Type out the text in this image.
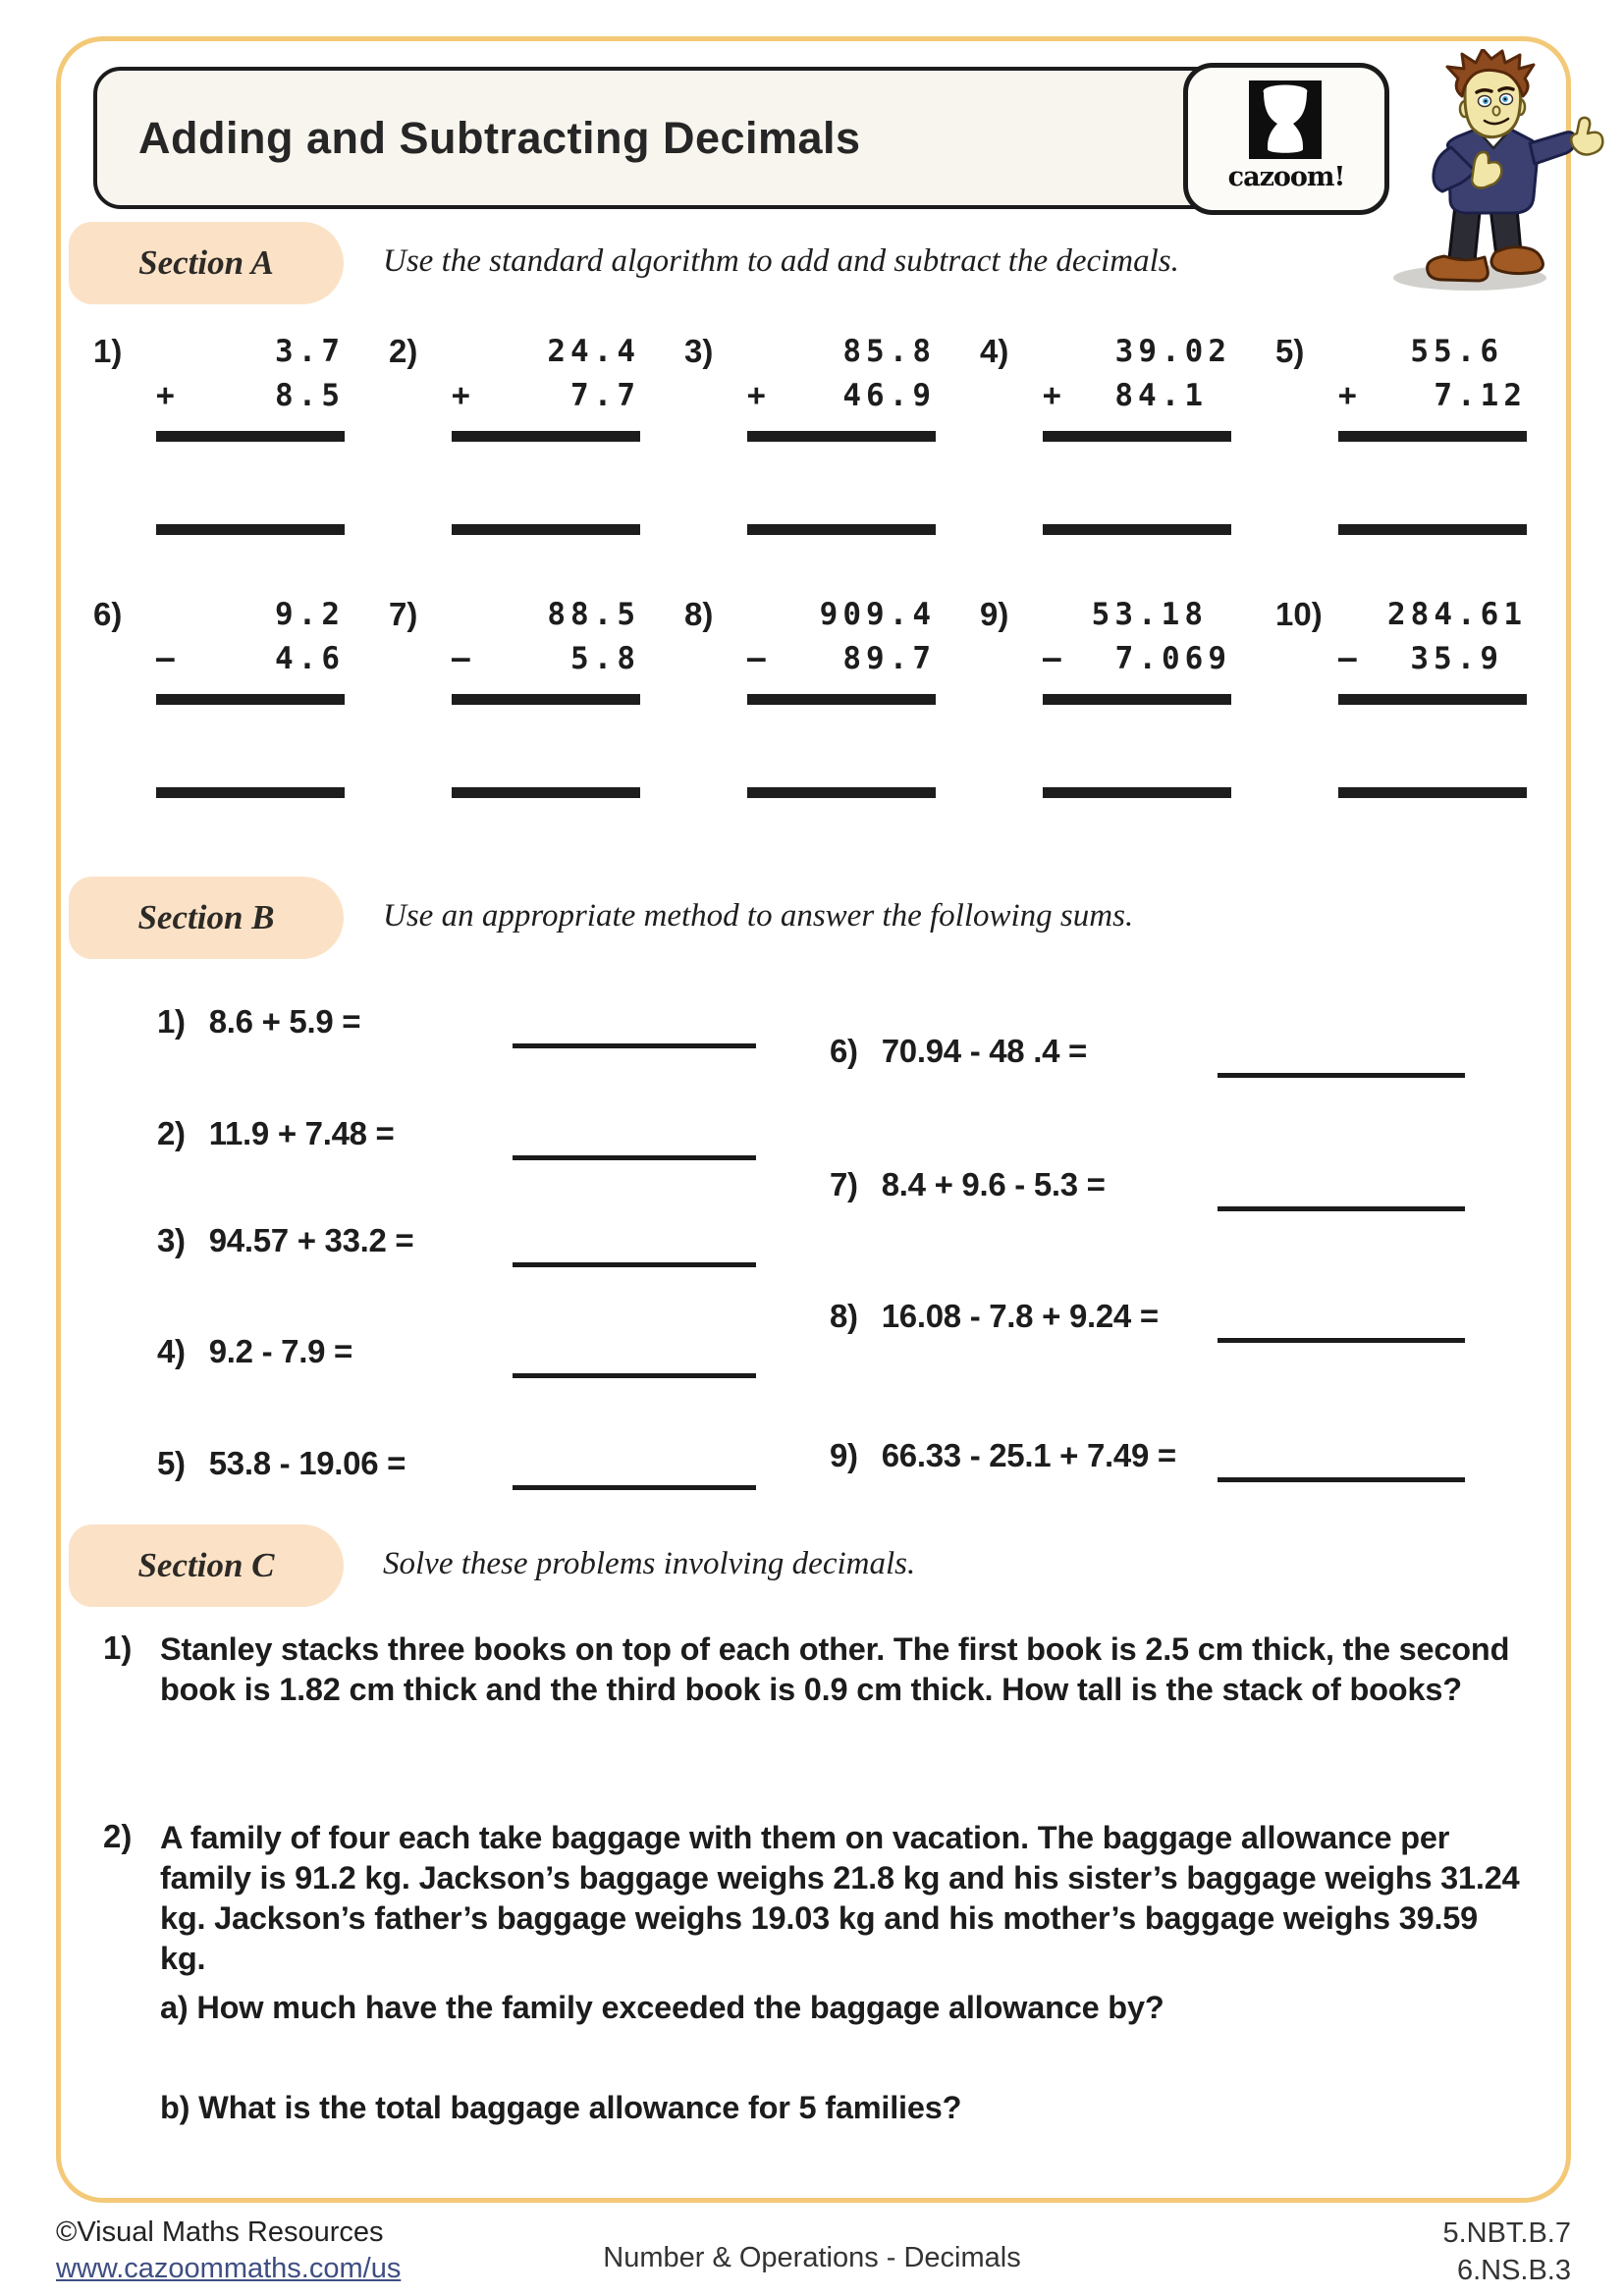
Adding and Subtracting Decimals
cazoom!
Section A	Use the standard algorithm to add and subtract the decimals.
1)	3.7
+	8.5
2)	24.4
+	7.7
3)	85.8
+	46.9
4)	39.02
+ 84.1
5)	55.6
+	7.12
6)	9.2
–	4.6
7)	88.5
–	5.8
8)	909.4
–	89.7
9)	53.18
– 7.069
10)	284.61
– 35.9
Section B	Use an appropriate method to answer the following sums.
1) 8.6 + 5.9 =
2) 11.9 + 7.48 =
3) 94.57 + 33.2 =
4) 9.2 - 7.9 =
5) 53.8 - 19.06 =
6) 70.94 - 48 .4 =
7) 8.4 + 9.6 - 5.3 =
8) 16.08 - 7.8 + 9.24 =
9) 66.33 - 25.1 + 7.49 =
Section C	Solve these problems involving decimals.
1) Stanley stacks three books on top of each other. The first book is 2.5 cm thick, the second book is 1.82 cm thick and the third book is 0.9 cm thick. How tall is the stack of books?
2) A family of four each take baggage with them on vacation. The baggage allowance per family is 91.2 kg. Jackson’s baggage weighs 21.8 kg and his sister’s baggage weighs 31.24 kg. Jackson’s father’s baggage weighs 19.03 kg and his mother’s baggage weighs 39.59 kg.
a) How much have the family exceeded the baggage allowance by?
b) What is the total baggage allowance for 5 families?
©Visual Maths Resources
www.cazoommaths.com/us	Number & Operations - Decimals
5.NBT.B.7
6.NS.B.3
